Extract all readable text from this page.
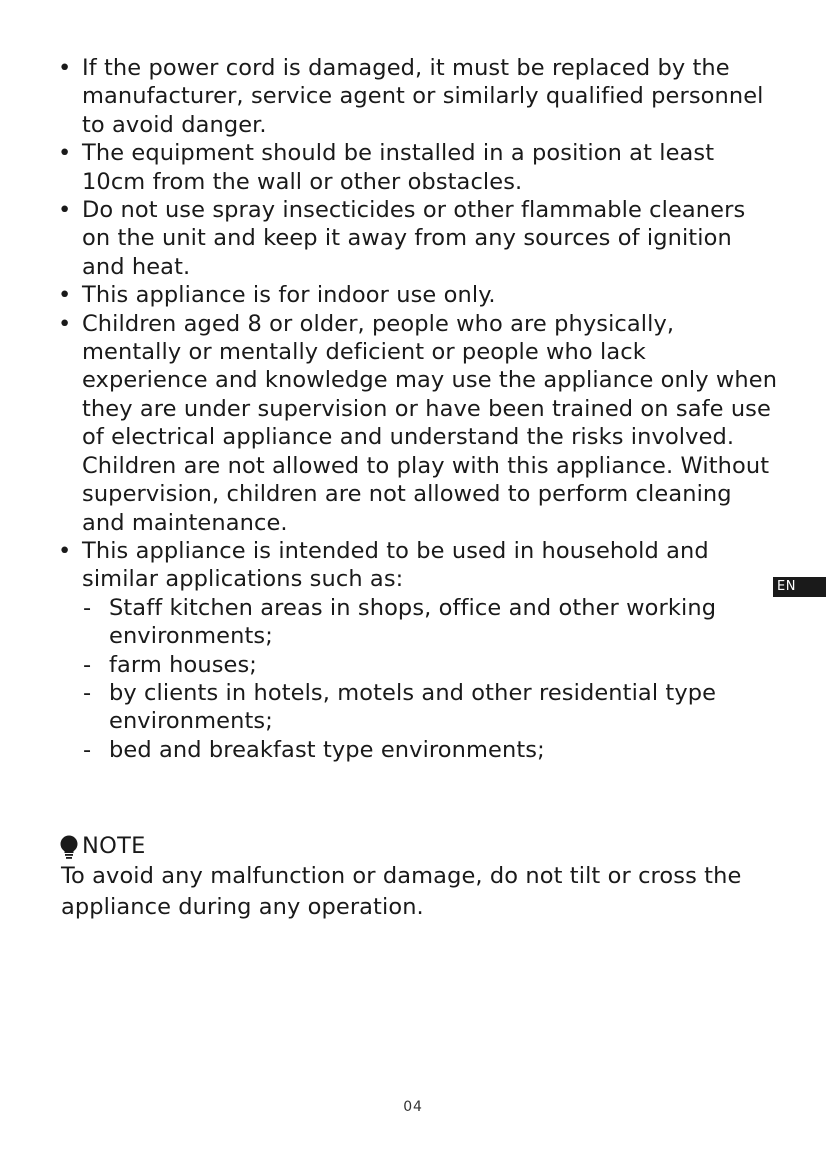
• If the power cord is damaged, it must be replaced by the manufacturer, service agent or similarly qualified personnel to avoid danger.
• The equipment should be installed in a position at least 10cm from the wall or other obstacles.
• Do not use spray insecticides or other flammable cleaners on the unit and keep it away from any sources of ignition and heat.
• This appliance is for indoor use only.
• Children aged 8 or older, people who are physically, mentally or mentally deficient or people who lack experience and knowledge may use the appliance only when they are under supervision or have been trained on safe use of electrical appliance and understand the risks involved. Children are not allowed to play with this appliance. Without supervision, children are not allowed to perform cleaning and maintenance.
• This appliance is intended to be used in household and similar applications such as:
- Staff kitchen areas in shops, office and other working environments;
- farm houses;
- by clients in hotels, motels and other residential type environments;
- bed and breakfast type environments;
NOTE
To avoid any malfunction or damage, do not tilt or cross the appliance during any operation.
EN
04
